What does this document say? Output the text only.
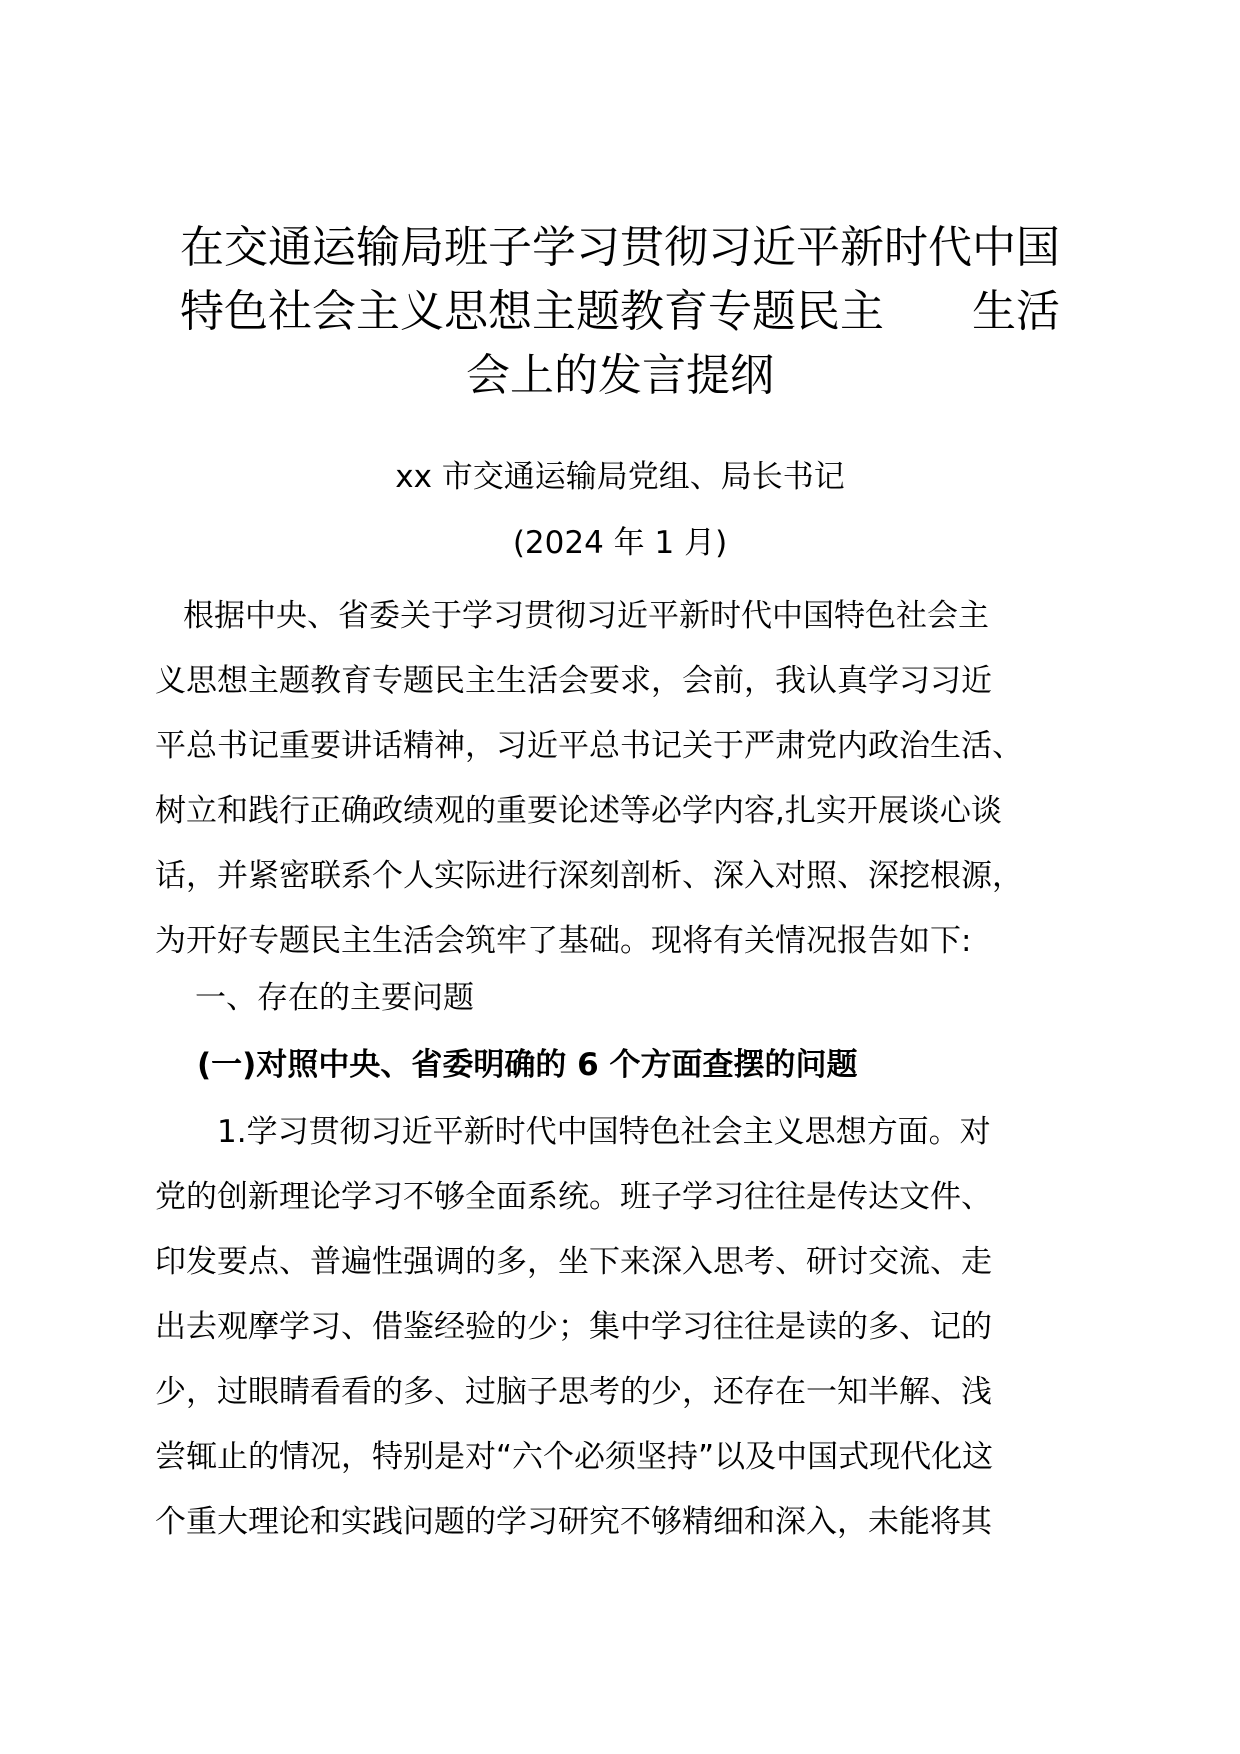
在交通运输局班子学习贯彻习近平新时代中国
特色社会主义思想主题教育专题民主　　生活
会上的发言提纲
xx 市交通运输局党组、局长书记
(2024 年 1 月)
根据中央、省委关于学习贯彻习近平新时代中国特色社会主
义思想主题教育专题民主生活会要求，会前，我认真学习习近
平总书记重要讲话精神，习近平总书记关于严肃党内政治生活、
树立和践行正确政绩观的重要论述等必学内容,扎实开展谈心谈
话，并紧密联系个人实际进行深刻剖析、深入对照、深挖根源，
为开好专题民主生活会筑牢了基础。现将有关情况报告如下:
一、存在的主要问题
(一)对照中央、省委明确的 6 个方面查摆的问题
1.学习贯彻习近平新时代中国特色社会主义思想方面。对
党的创新理论学习不够全面系统。班子学习往往是传达文件、
印发要点、普遍性强调的多，坐下来深入思考、研讨交流、走
出去观摩学习、借鉴经验的少；集中学习往往是读的多、记的
少，过眼睛看看的多、过脑子思考的少，还存在一知半解、浅
尝辄止的情况，特别是对“六个必须坚持”以及中国式现代化这
个重大理论和实践问题的学习研究不够精细和深入，未能将其
